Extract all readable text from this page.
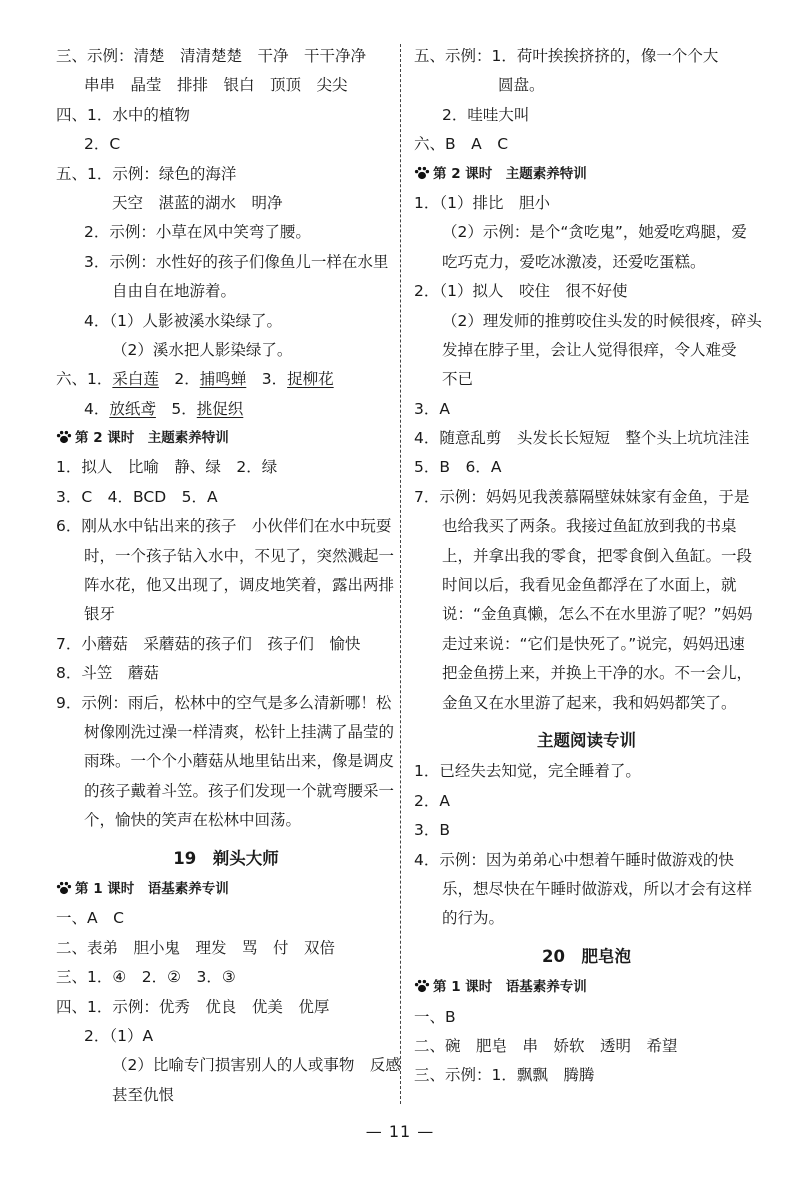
三、示例：清楚　清清楚楚　干净　干干净净
串串　晶莹　排排　银白　顶顶　尖尖
四、1．水中的植物
2．C
五、1．示例：绿色的海洋
天空　湛蓝的湖水　明净
2．示例：小草在风中笑弯了腰。
3．示例：水性好的孩子们像鱼儿一样在水里
自由自在地游着。
4．（1）人影被溪水染绿了。
（2）溪水把人影染绿了。
六、1．采白莲　2．捕鸣蝉　3．捉柳花
4．放纸鸢　5．挑促织
第 2 课时　主题素养特训
1．拟人　比喻　静、绿　2．绿
3．C　4．BCD　5．A
6．刚从水中钻出来的孩子　小伙伴们在水中玩耍
时，一个孩子钻入水中，不见了，突然溅起一
阵水花，他又出现了，调皮地笑着，露出两排
银牙
7．小蘑菇　采蘑菇的孩子们　孩子们　愉快
8．斗笠　蘑菇
9．示例：雨后，松林中的空气是多么清新哪！松
树像刚洗过澡一样清爽，松针上挂满了晶莹的
雨珠。一个个小蘑菇从地里钻出来，像是调皮
的孩子戴着斗笠。孩子们发现一个就弯腰采一
个，愉快的笑声在松林中回荡。
19　剃头大师
第 1 课时　语基素养专训
一、A　C
二、表弟　胆小鬼　理发　骂　付　双倍
三、1．④　2．②　3．③
四、1．示例：优秀　优良　优美　优厚
2．（1）A
（2）比喻专门损害别人的人或事物　反感
甚至仇恨
五、示例：1．荷叶挨挨挤挤的，像一个个大
圆盘。
2．哇哇大叫
六、B　A　C
第 2 课时　主题素养特训
1．（1）排比　胆小
（2）示例：是个“贪吃鬼”，她爱吃鸡腿，爱
吃巧克力，爱吃冰激凌，还爱吃蛋糕。
2．（1）拟人　咬住　很不好使
（2）理发师的推剪咬住头发的时候很疼，碎头
发掉在脖子里，会让人觉得很痒，令人难受
不已
3．A
4．随意乱剪　头发长长短短　整个头上坑坑洼洼
5．B　6．A
7．示例：妈妈见我羡慕隔壁妹妹家有金鱼，于是
也给我买了两条。我接过鱼缸放到我的书桌
上，并拿出我的零食，把零食倒入鱼缸。一段
时间以后，我看见金鱼都浮在了水面上，就
说：“金鱼真懒，怎么不在水里游了呢？”妈妈
走过来说：“它们是快死了。”说完，妈妈迅速
把金鱼捞上来，并换上干净的水。不一会儿，
金鱼又在水里游了起来，我和妈妈都笑了。
主题阅读专训
1．已经失去知觉，完全睡着了。
2．A
3．B
4．示例：因为弟弟心中想着午睡时做游戏的快
乐，想尽快在午睡时做游戏，所以才会有这样
的行为。
20　肥皂泡
第 1 课时　语基素养专训
一、B
二、碗　肥皂　串　娇软　透明　希望
三、示例：1．飘飘　腾腾
— 11 —
